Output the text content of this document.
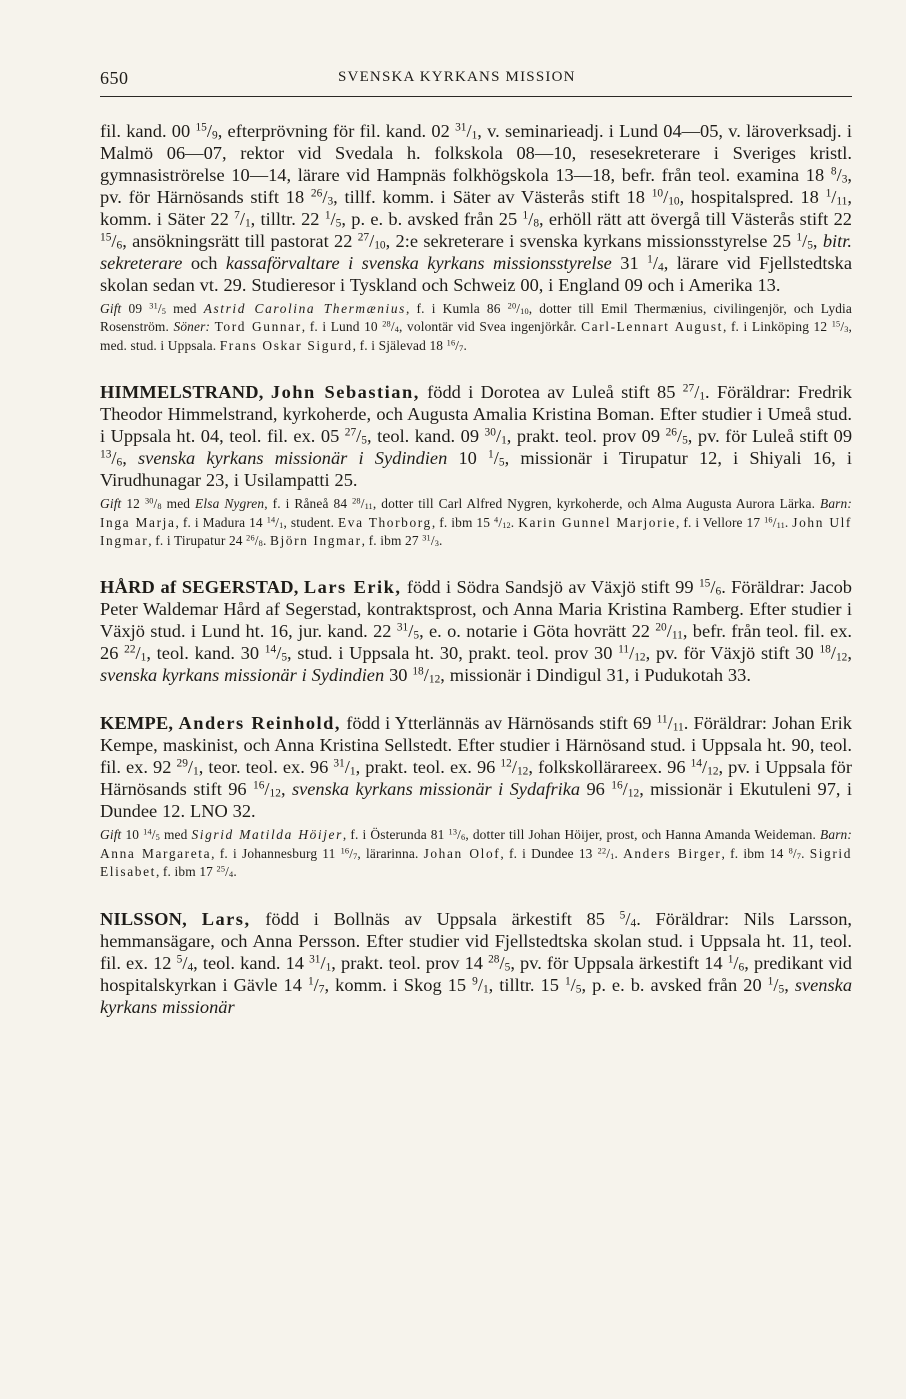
650	SVENSKA KYRKANS MISSION

fil. kand. 00 $^{15}/_9$, efterprövning för fil. kand. 02 $^{31}/_1$, v. seminarieadj. i Lund 04—05, v. läroverksadj. i Malmö 06—07, rektor vid Svedala h. folkskola 08—10, resesekreterare i Sveriges kristl. gymnasiströrelse 10—14, lärare vid Hampnäs folkhögskola 13—18, befr. från teol. examina 18 $^8/_3$, pv. för Härnösands stift 18 $^{26}/_3$, tillf. komm. i Säter av Västerås stift 18 $^{10}/_{10}$, hospitalspred. 18 $^1/_{11}$, komm. i Säter 22 $^7/_1$, tilltr. 22 $^1/_5$, p. e. b. avsked från 25 $^1/_8$, erhöll rätt att övergå till Västerås stift 22 $^{15}/_6$, ansökningsrätt till pastorat 22 $^{27}/_{10}$, 2:e sekreterare i svenska kyrkans missionsstyrelse 25 $^1/_5$, bitr. sekreterare och kassaförvaltare i svenska kyrkans missionsstyrelse 31 $^1/_4$, lärare vid Fjellstedtska skolan sedan vt. 29. Studieresor i Tyskland och Schweiz 00, i England 09 och i Amerika 13.

Gift 09 $^{31}/_5$ med Astrid Carolina Thermænius, f. i Kumla 86 $^{20}/_{10}$, dotter till Emil Thermænius, civilingenjör, och Lydia Rosenström. Söner: Tord Gunnar, f. i Lund 10 $^{28}/_4$, volontär vid Svea ingenjörkår. Carl-Lennart August, f. i Linköping 12 $^{15}/_3$, med. stud. i Uppsala. Frans Oskar Sigurd, f. i Själevad 18 $^{16}/_7$.

HIMMELSTRAND, John Sebastian, född i Dorotea av Luleå stift 85 $^{27}/_1$. Föräldrar: Fredrik Theodor Himmelstrand, kyrkoherde, och Augusta Amalia Kristina Boman. Efter studier i Umeå stud. i Uppsala ht. 04, teol. fil. ex. 05 $^{27}/_5$, teol. kand. 09 $^{30}/_1$, prakt. teol. prov 09 $^{26}/_5$, pv. för Luleå stift 09 $^{13}/_6$, svenska kyrkans missionär i Sydindien 10 $^1/_5$, missionär i Tirupatur 12, i Shiyali 16, i Virudhunagar 23, i Usilampatti 25.

Gift 12 $^{30}/_8$ med Elsa Nygren, f. i Råneå 84 $^{28}/_{11}$, dotter till Carl Alfred Nygren, kyrkoherde, och Alma Augusta Aurora Lärka. Barn: Inga Marja, f. i Madura 14 $^{14}/_1$, student. Eva Thorborg, f. ibm 15 $^4/_{12}$. Karin Gunnel Marjorie, f. i Vellore 17 $^{16}/_{11}$. John Ulf Ingmar, f. i Tirupatur 24 $^{26}/_8$. Björn Ingmar, f. ibm 27 $^{31}/_3$.

HÅRD af SEGERSTAD, Lars Erik, född i Södra Sandsjö av Växjö stift 99 $^{15}/_6$. Föräldrar: Jacob Peter Waldemar Hård af Segerstad, kontraktsprost, och Anna Maria Kristina Ramberg. Efter studier i Växjö stud. i Lund ht. 16, jur. kand. 22 $^{31}/_5$, e. o. notarie i Göta hovrätt 22 $^{20}/_{11}$, befr. från teol. fil. ex. 26 $^{22}/_1$, teol. kand. 30 $^{14}/_5$, stud. i Uppsala ht. 30, prakt. teol. prov 30 $^{11}/_{12}$, pv. för Växjö stift 30 $^{18}/_{12}$, svenska kyrkans missionär i Sydindien 30 $^{18}/_{12}$, missionär i Dindigul 31, i Pudukotah 33.

KEMPE, Anders Reinhold, född i Ytterlännäs av Härnösands stift 69 $^{11}/_{11}$. Föräldrar: Johan Erik Kempe, maskinist, och Anna Kristina Sellstedt. Efter studier i Härnösand stud. i Uppsala ht. 90, teol. fil. ex. 92 $^{29}/_1$, teor. teol. ex. 96 $^{31}/_1$, prakt. teol. ex. 96 $^{12}/_{12}$, folkskollärareex. 96 $^{14}/_{12}$, pv. i Uppsala för Härnösands stift 96 $^{16}/_{12}$, svenska kyrkans missionär i Sydafrika 96 $^{16}/_{12}$, missionär i Ekutuleni 97, i Dundee 12. LNO 32.

Gift 10 $^{14}/_5$ med Sigrid Matilda Höijer, f. i Österunda 81 $^{13}/_6$, dotter till Johan Höijer, prost, och Hanna Amanda Weideman. Barn: Anna Margareta, f. i Johannesburg 11 $^{16}/_7$, lärarinna. Johan Olof, f. i Dundee 13 $^{22}/_1$. Anders Birger, f. ibm 14 $^8/_7$. Sigrid Elisabet, f. ibm 17 $^{25}/_4$.

NILSSON, Lars, född i Bollnäs av Uppsala ärkestift 85 $^5/_4$. Föräldrar: Nils Larsson, hemmansägare, och Anna Persson. Efter studier vid Fjellstedtska skolan stud. i Uppsala ht. 11, teol. fil. ex. 12 $^5/_4$, teol. kand. 14 $^{31}/_1$, prakt. teol. prov 14 $^{28}/_5$, pv. för Uppsala ärkestift 14 $^1/_6$, predikant vid hospitalskyrkan i Gävle 14 $^1/_7$, komm. i Skog 15 $^9/_1$, tilltr. 15 $^1/_5$, p. e. b. avsked från 20 $^1/_5$, svenska kyrkans missionär
